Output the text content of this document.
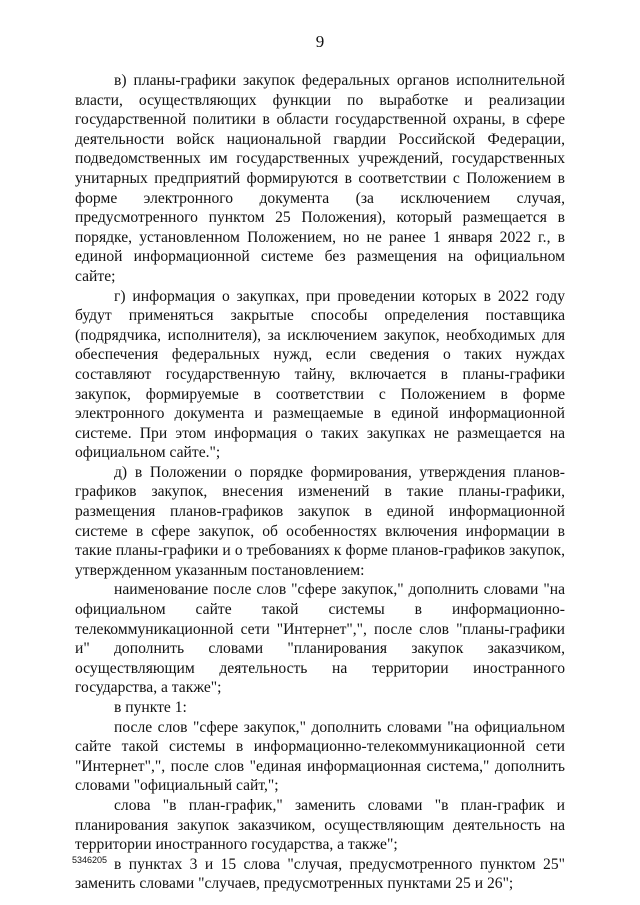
9

в) планы-графики закупок федеральных органов исполнительной власти, осуществляющих функции по выработке и реализации государственной политики в области государственной охраны, в сфере деятельности войск национальной гвардии Российской Федерации, подведомственных им государственных учреждений, государственных унитарных предприятий формируются в соответствии с Положением в форме электронного документа (за исключением случая, предусмотренного пунктом 25 Положения), который размещается в порядке, установленном Положением, но не ранее 1 января 2022 г., в единой информационной системе без размещения на официальном сайте;

г) информация о закупках, при проведении которых в 2022 году будут применяться закрытые способы определения поставщика (подрядчика, исполнителя), за исключением закупок, необходимых для обеспечения федеральных нужд, если сведения о таких нуждах составляют государственную тайну, включается в планы-графики закупок, формируемые в соответствии с Положением в форме электронного документа и размещаемые в единой информационной системе. При этом информация о таких закупках не размещается на официальном сайте.";

д) в Положении о порядке формирования, утверждения планов-графиков закупок, внесения изменений в такие планы-графики, размещения планов-графиков закупок в единой информационной системе в сфере закупок, об особенностях включения информации в такие планы-графики и о требованиях к форме планов-графиков закупок, утвержденном указанным постановлением:

наименование после слов "сфере закупок," дополнить словами "на официальном сайте такой системы в информационно-телекоммуникационной сети "Интернет",", после слов "планы-графики и" дополнить словами "планирования закупок заказчиком, осуществляющим деятельность на территории иностранного государства, а также";

в пункте 1:

после слов "сфере закупок," дополнить словами "на официальном сайте такой системы в информационно-телекоммуникационной сети "Интернет",", после слов "единая информационная система," дополнить словами "официальный сайт,";

слова "в план-график," заменить словами "в план-график и планирования закупок заказчиком, осуществляющим деятельность на территории иностранного государства, а также";

в пунктах 3 и 15 слова "случая, предусмотренного пунктом 25" заменить словами "случаев, предусмотренных пунктами 25 и 26";

5346205
